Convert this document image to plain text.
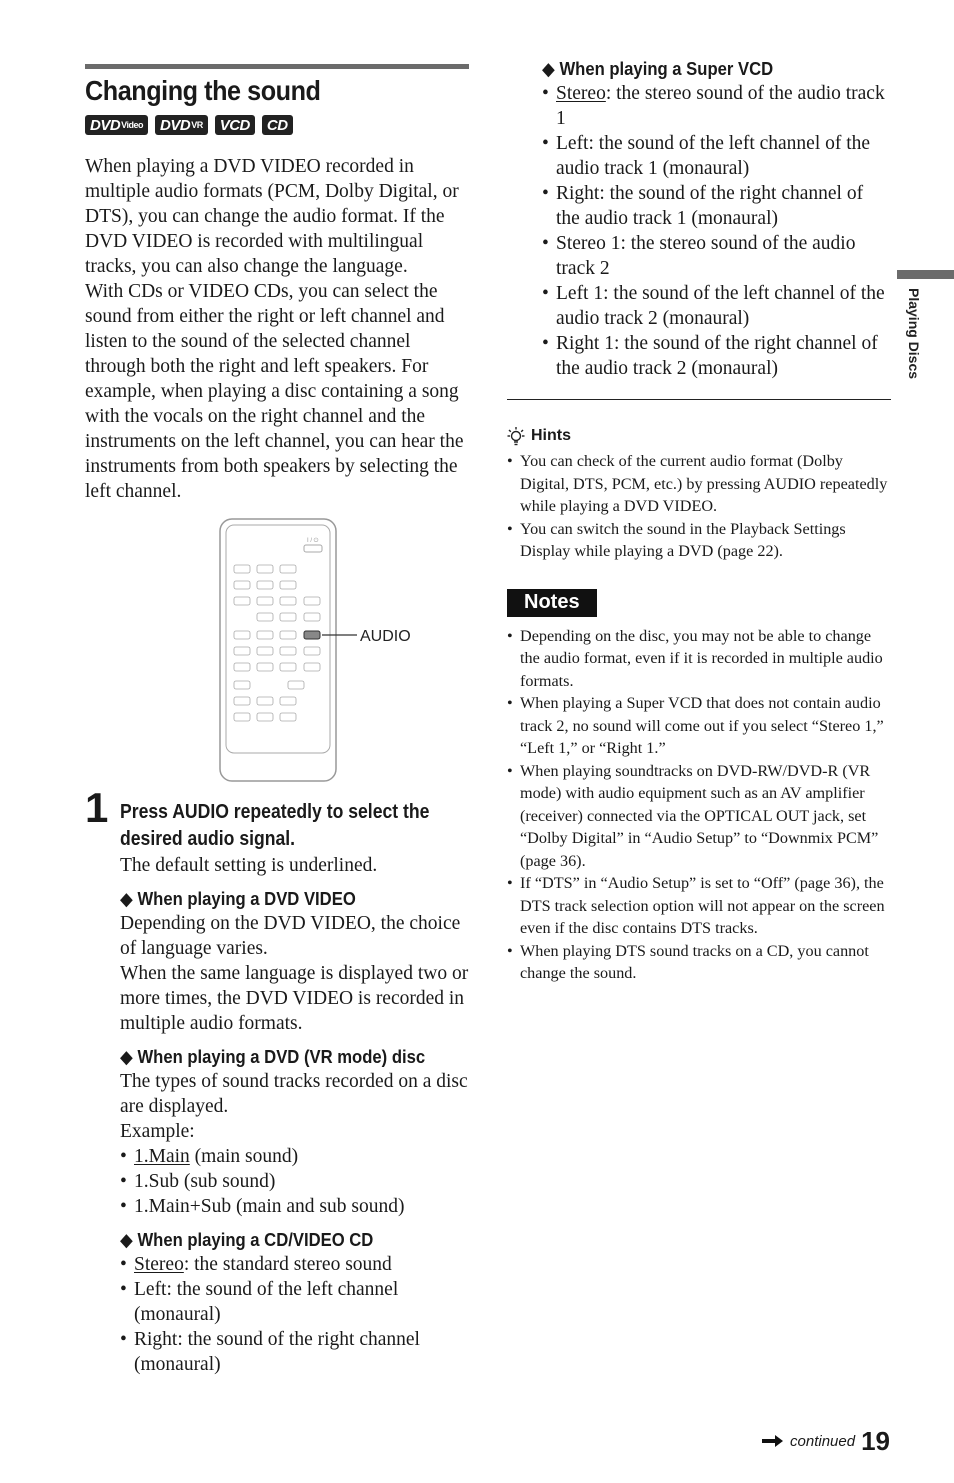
Changing the sound
DVD Video DVD VR VCD CD

When playing a DVD VIDEO recorded in multiple audio formats (PCM, Dolby Digital, or DTS), you can change the audio format. If the DVD VIDEO is recorded with multilingual tracks, you can also change the language.

With CDs or VIDEO CDs, you can select the sound from either the right or left channel and listen to the sound of the selected channel through both the right and left speakers. For example, when playing a disc containing a song with the vocals on the right channel and the instruments on the left channel, you can hear the instruments from both speakers by selecting the left channel.

I / ⏻
AUDIO
1 Press AUDIO repeatedly to select the desired audio signal.

The default setting is underlined.

◆ When playing a DVD VIDEO

Depending on the DVD VIDEO, the choice of language varies.

When the same language is displayed two or more times, the DVD VIDEO is recorded in multiple audio formats.

◆ When playing a DVD (VR mode) disc

The types of sound tracks recorded on a disc are displayed.

Example:

• 1.Main (main sound)
• 1.Sub (sub sound)
• 1.Main+Sub (main and sub sound)

◆ When playing a CD/VIDEO CD

• Stereo: the standard stereo sound
• Left: the sound of the left channel (monaural)
• Right: the sound of the right channel (monaural)

◆ When playing a Super VCD

• Stereo: the stereo sound of the audio track 1
• Left: the sound of the left channel of the audio track 1 (monaural)
• Right: the sound of the right channel of the audio track 1 (monaural)
• Stereo 1: the stereo sound of the audio track 2
• Left 1: the sound of the left channel of the audio track 2 (monaural)
• Right 1: the sound of the right channel of the audio track 2 (monaural)
Hints
• You can check of the current audio format (Dolby Digital, DTS, PCM, etc.) by pressing AUDIO repeatedly while playing a DVD VIDEO.
• You can switch the sound in the Playback Settings Display while playing a DVD (page 22).
Notes
• Depending on the disc, you may not be able to change the audio format, even if it is recorded in multiple audio formats.
• When playing a Super VCD that does not contain audio track 2, no sound will come out if you select “Stereo 1,” “Left 1,” or “Right 1.”
• When playing soundtracks on DVD-RW/DVD-R (VR mode) with audio equipment such as an AV amplifier (receiver) connected via the OPTICAL OUT jack, set “Dolby Digital” in “Audio Setup” to “Downmix PCM” (page 36).
• If “DTS” in “Audio Setup” is set to “Off” (page 36), the DTS track selection option will not appear on the screen even if the disc contains DTS tracks.
• When playing DTS sound tracks on a CD, you cannot change the sound.
Playing Discs
continued 19
